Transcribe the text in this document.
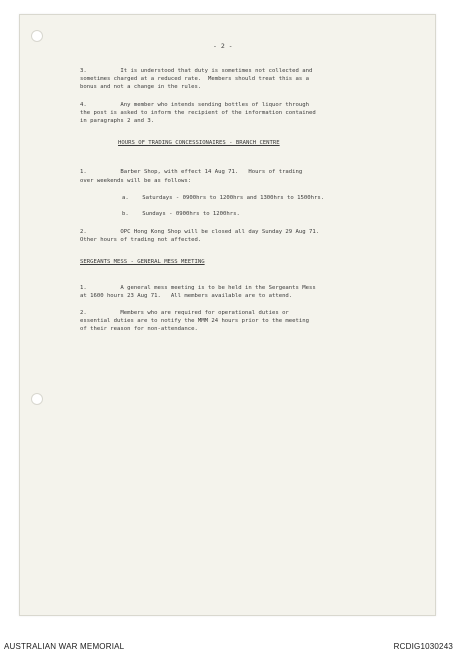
- 2 -
3.          It is understood that duty is sometimes not collected and
sometimes charged at a reduced rate.  Members should treat this as a
bonus and not a change in the rules.
4.          Any member who intends sending bottles of liquor through
the post is asked to inform the recipient of the information contained
in paragraphs 2 and 3.
HOURS OF TRADING CONCESSIONAIRES - BRANCH CENTRE
1.          Barber Shop, with effect 14 Aug 71.   Hours of trading
over weekends will be as follows:
a.    Saturdays - 0900hrs to 1200hrs and 1300hrs to 1500hrs.
b.    Sundays - 0900hrs to 1200hrs.
2.          OPC Hong Kong Shop will be closed all day Sunday 29 Aug 71.
Other hours of trading not affected.
SERGEANTS MESS - GENERAL MESS MEETING
1.          A general mess meeting is to be held in the Sergeants Mess
at 1600 hours 23 Aug 71.   All members available are to attend.
2.          Members who are required for operational duties or
essential duties are to notify the MMM 24 hours prior to the meeting
of their reason for non-attendance.
AUSTRALIAN WAR MEMORIAL	RCDIG1030243
